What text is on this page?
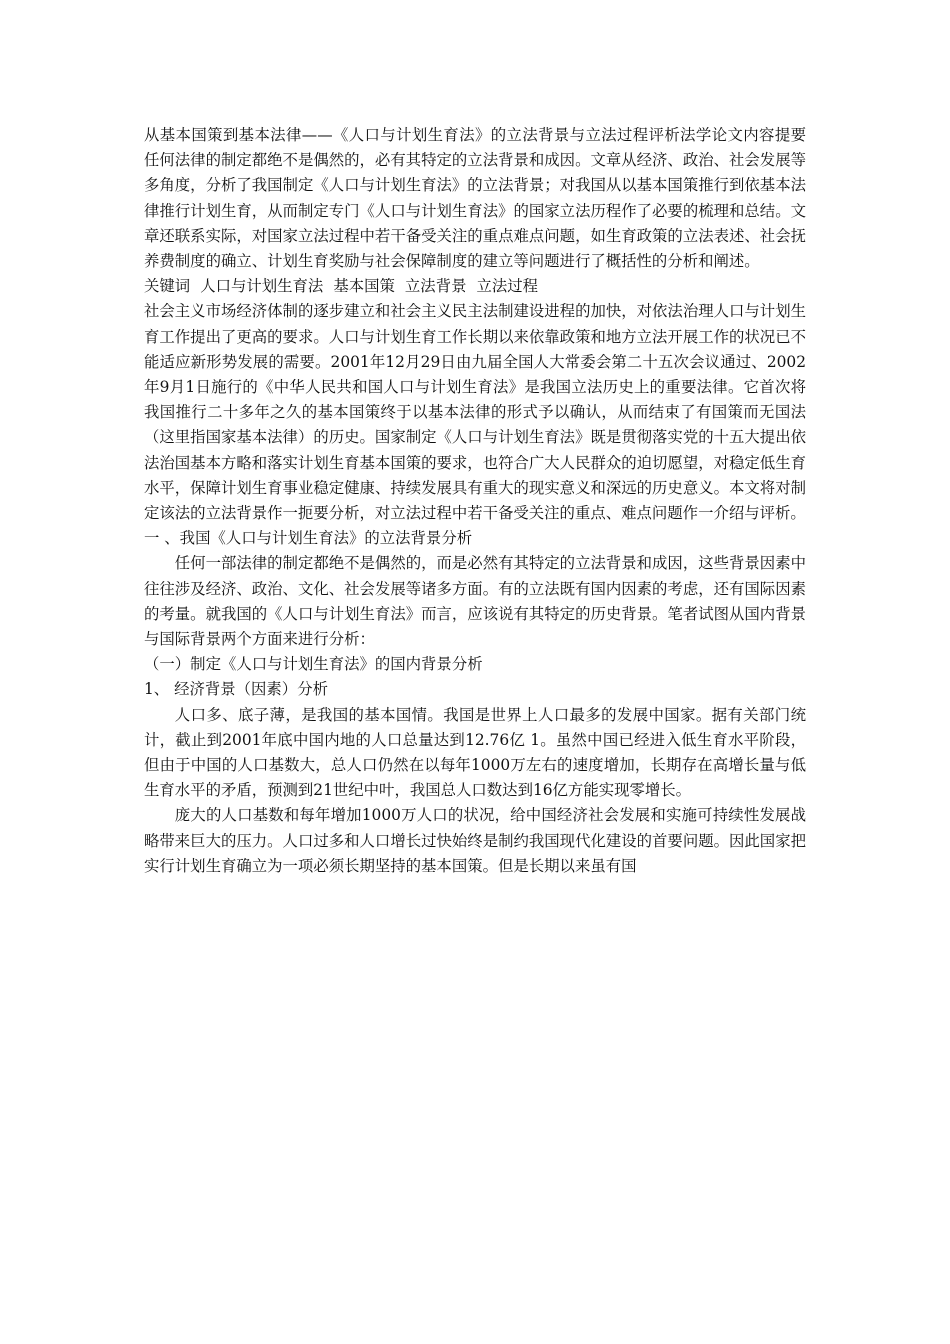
从基本国策到基本法律——《人口与计划生育法》的立法背景与立法过程评析法学论文内容提要 任何法律的制定都绝不是偶然的，必有其特定的立法背景和成因。文章从经济、政治、社会发展等多角度，分析了我国制定《人口与计划生育法》的立法背景；对我国从以基本国策推行到依基本法律推行计划生育，从而制定专门《人口与计划生育法》的国家立法历程作了必要的梳理和总结。文章还联系实际，对国家立法过程中若干备受关注的重点难点问题，如生育政策的立法表述、社会抚养费制度的确立、计划生育奖励与社会保障制度的建立等问题进行了概括性的分析和阐述。

关键词 人口与计划生育法 基本国策 立法背景 立法过程

社会主义市场经济体制的逐步建立和社会主义民主法制建设进程的加快，对依法治理人口与计划生育工作提出了更高的要求。人口与计划生育工作长期以来依靠政策和地方立法开展工作的状况已不能适应新形势发展的需要。2001年12月29日由九届全国人大常委会第二十五次会议通过、2002年9月1日施行的《中华人民共和国人口与计划生育法》是我国立法历史上的重要法律。它首次将我国推行二十多年之久的基本国策终于以基本法律的形式予以确认，从而结束了有国策而无国法（这里指国家基本法律）的历史。国家制定《人口与计划生育法》既是贯彻落实党的十五大提出依法治国基本方略和落实计划生育基本国策的要求，也符合广大人民群众的迫切愿望，对稳定低生育水平，保障计划生育事业稳定健康、持续发展具有重大的现实意义和深远的历史意义。本文将对制定该法的立法背景作一扼要分析，对立法过程中若干备受关注的重点、难点问题作一介绍与评析。

一 、我国《人口与计划生育法》的立法背景分析

任何一部法律的制定都绝不是偶然的，而是必然有其特定的立法背景和成因，这些背景因素中往往涉及经济、政治、文化、社会发展等诸多方面。有的立法既有国内因素的考虑，还有国际因素的考量。就我国的《人口与计划生育法》而言，应该说有其特定的历史背景。笔者试图从国内背景与国际背景两个方面来进行分析：

（一）制定《人口与计划生育法》的国内背景分析

1、 经济背景（因素）分析

人口多、底子薄，是我国的基本国情。我国是世界上人口最多的发展中国家。据有关部门统计，截止到2001年底中国内地的人口总量达到12.76亿 1。虽然中国已经进入低生育水平阶段，但由于中国的人口基数大，总人口仍然在以每年1000万左右的速度增加，长期存在高增长量与低生育水平的矛盾，预测到21世纪中叶，我国总人口数达到16亿方能实现零增长。

庞大的人口基数和每年增加1000万人口的状况，给中国经济社会发展和实施可持续性发展战略带来巨大的压力。人口过多和人口增长过快始终是制约我国现代化建设的首要问题。因此国家把实行计划生育确立为一项必须长期坚持的基本国策。但是长期以来虽有国
